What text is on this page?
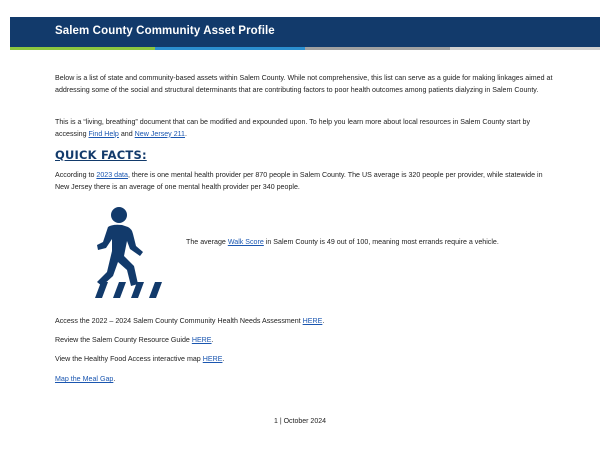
Salem County Community Asset Profile

Below is a list of state and community-based assets within Salem County. While not comprehensive, this list can serve as a guide for making linkages aimed at addressing some of the social and structural determinants that are contributing factors to poor health outcomes among patients dialyzing in Salem County.

This is a “living, breathing” document that can be modified and expounded upon. To help you learn more about local resources in Salem County start by accessing Find Help and New Jersey 211.

QUICK FACTS:

According to 2023 data, there is one mental health provider per 870 people in Salem County. The US average is 320 people per provider, while statewide in New Jersey there is an average of one mental health provider per 340 people.

The average Walk Score in Salem County is 49 out of 100, meaning most errands require a vehicle.

Access the 2022 – 2024 Salem County Community Health Needs Assessment HERE.

Review the Salem County Resource Guide HERE.

View the Healthy Food Access interactive map HERE.

Map the Meal Gap.

1 | October 2024
